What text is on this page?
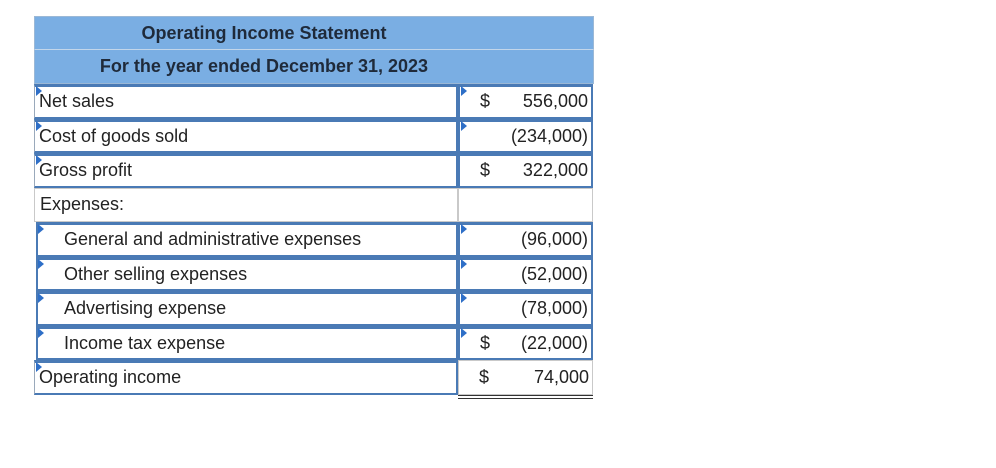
Operating Income Statement
For the year ended December 31, 2023
Net sales	$ 556,000
Cost of goods sold	(234,000)
Gross profit	$ 322,000
Expenses:
General and administrative expenses	(96,000)
Other selling expenses	(52,000)
Advertising expense	(78,000)
Income tax expense	$ (22,000)
Operating income	$ 74,000
